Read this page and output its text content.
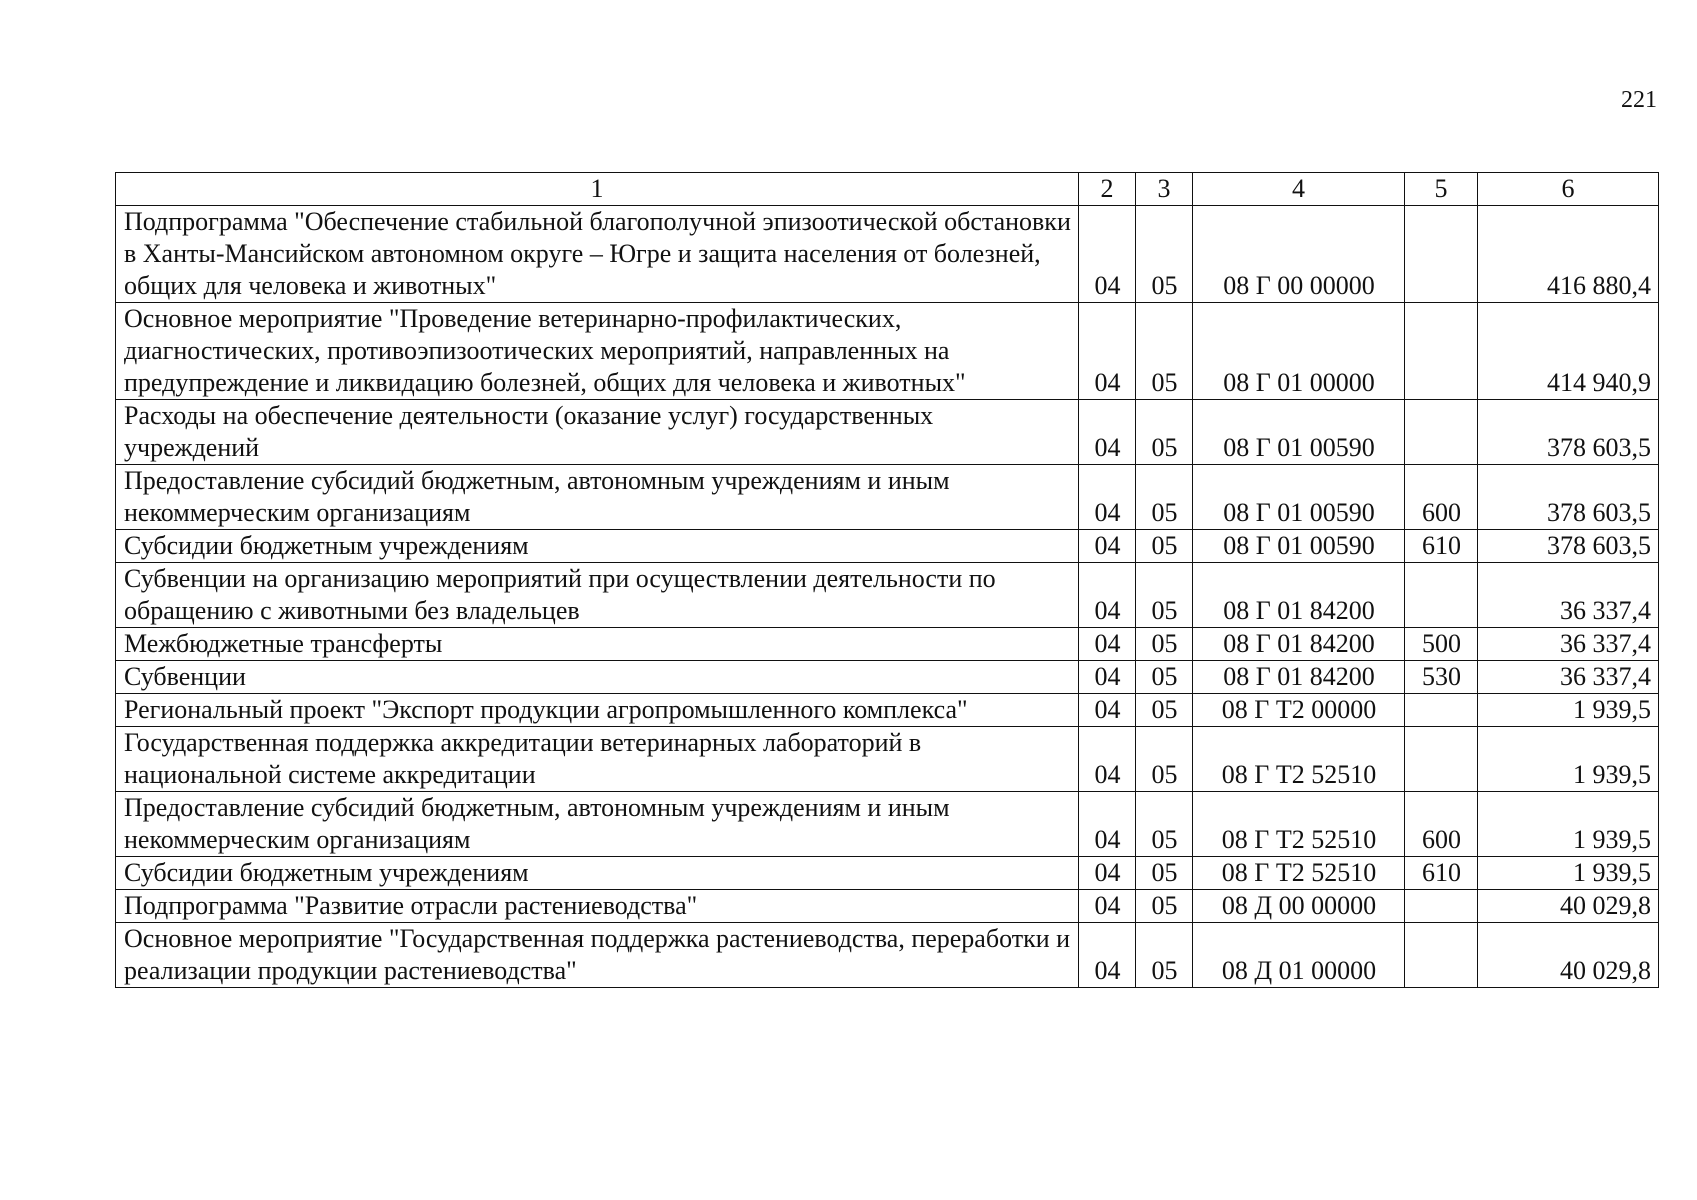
221
1	2	3	4	5	6
Подпрограмма "Обеспечение стабильной благополучной эпизоотической обстановки в Ханты-Мансийском автономном округе – Югре и защита населения от болезней, общих для человека и животных"	04	05	08 Г 00 00000		416 880,4
Основное мероприятие "Проведение ветеринарно-профилактических, диагностических, противоэпизоотических мероприятий, направленных на предупреждение и ликвидацию болезней, общих для человека и животных"	04	05	08 Г 01 00000		414 940,9
Расходы на обеспечение деятельности (оказание услуг) государственных учреждений	04	05	08 Г 01 00590		378 603,5
Предоставление субсидий бюджетным, автономным учреждениям и иным некоммерческим организациям	04	05	08 Г 01 00590	600	378 603,5
Субсидии бюджетным учреждениям	04	05	08 Г 01 00590	610	378 603,5
Субвенции на организацию мероприятий при осуществлении деятельности по обращению с животными без владельцев	04	05	08 Г 01 84200		36 337,4
Межбюджетные трансферты	04	05	08 Г 01 84200	500	36 337,4
Субвенции	04	05	08 Г 01 84200	530	36 337,4
Региональный проект "Экспорт продукции агропромышленного комплекса"	04	05	08 Г Т2 00000		1 939,5
Государственная поддержка аккредитации ветеринарных лабораторий в национальной системе аккредитации	04	05	08 Г Т2 52510		1 939,5
Предоставление субсидий бюджетным, автономным учреждениям и иным некоммерческим организациям	04	05	08 Г Т2 52510	600	1 939,5
Субсидии бюджетным учреждениям	04	05	08 Г Т2 52510	610	1 939,5
Подпрограмма "Развитие отрасли растениеводства"	04	05	08 Д 00 00000		40 029,8
Основное мероприятие "Государственная поддержка растениеводства, переработки и реализации продукции растениеводства"	04	05	08 Д 01 00000		40 029,8
